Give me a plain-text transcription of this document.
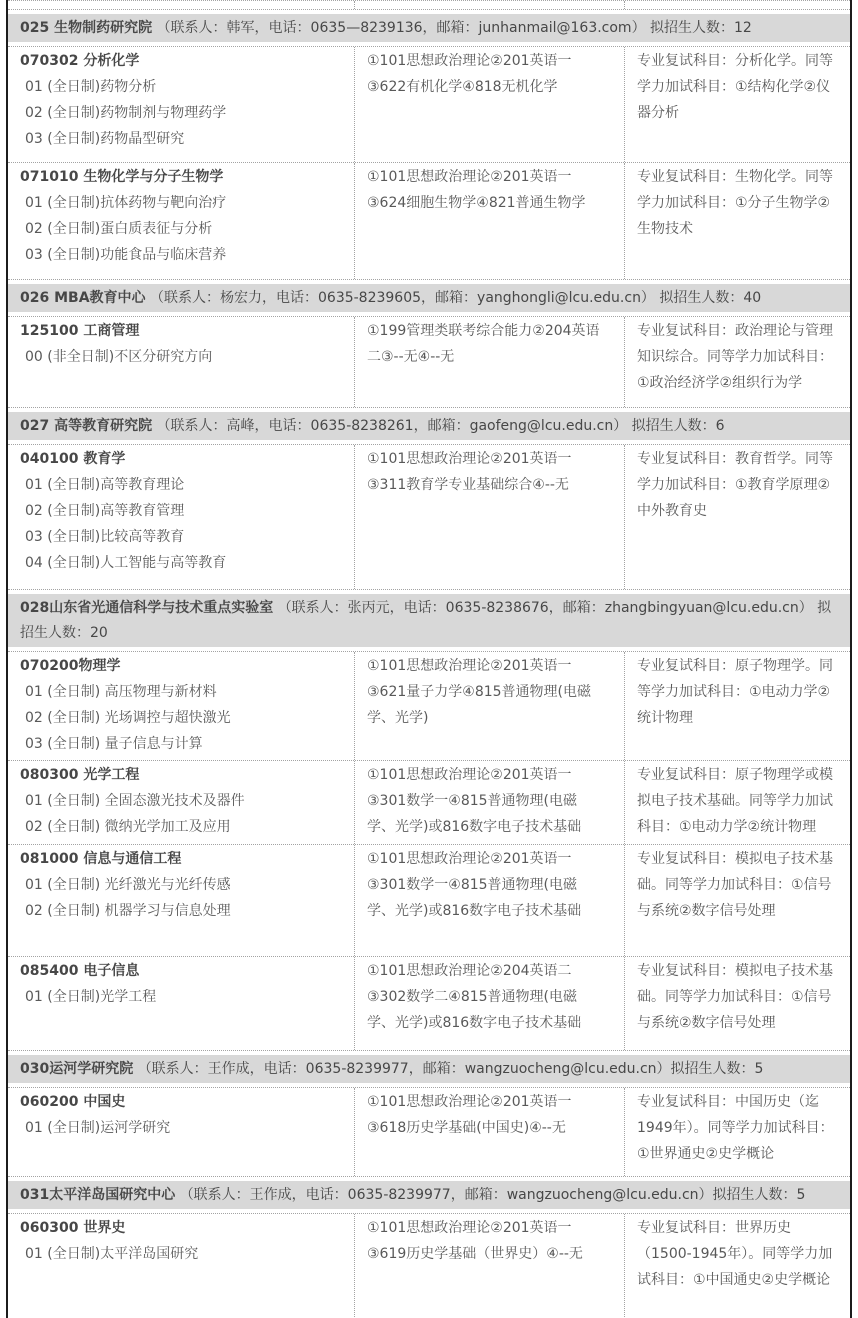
025 生物制药研究院 （联系人：韩军，电话：0635—8239136，邮箱：junhanmail@163.com） 拟招生人数：12
070302 分析化学
01 (全日制)药物分析
02 (全日制)药物制剂与物理药学
03 (全日制)药物晶型研究
①101思想政治理论②201英语一③622有机化学④818无机化学
专业复试科目：分析化学。同等学力加试科目：①结构化学②仪器分析
071010 生物化学与分子生物学
01 (全日制)抗体药物与靶向治疗
02 (全日制)蛋白质表征与分析
03 (全日制)功能食品与临床营养
①101思想政治理论②201英语一③624细胞生物学④821普通生物学
专业复试科目：生物化学。同等学力加试科目：①分子生物学②生物技术
026 MBA教育中心 （联系人：杨宏力，电话：0635-8239605，邮箱：yanghongli@lcu.edu.cn） 拟招生人数：40
125100 工商管理
00 (非全日制)不区分研究方向
①199管理类联考综合能力②204英语二③--无④--无
专业复试科目：政治理论与管理知识综合。同等学力加试科目：①政治经济学②组织行为学
027 高等教育研究院 （联系人：高峰，电话：0635-8238261，邮箱：gaofeng@lcu.edu.cn） 拟招生人数：6
040100 教育学
01 (全日制)高等教育理论
02 (全日制)高等教育管理
03 (全日制)比较高等教育
04 (全日制)人工智能与高等教育
①101思想政治理论②201英语一③311教育学专业基础综合④--无
专业复试科目：教育哲学。同等学力加试科目：①教育学原理②中外教育史
028山东省光通信科学与技术重点实验室 （联系人：张丙元，电话：0635-8238676，邮箱：zhangbingyuan@lcu.edu.cn） 拟招生人数：20
070200物理学
01 (全日制) 高压物理与新材料
02 (全日制) 光场调控与超快激光
03 (全日制) 量子信息与计算
①101思想政治理论②201英语一③621量子力学④815普通物理(电磁学、光学)
专业复试科目：原子物理学。同等学力加试科目：①电动力学②统计物理
080300 光学工程
01 (全日制) 全固态激光技术及器件
02 (全日制) 微纳光学加工及应用
①101思想政治理论②201英语一③301数学一④815普通物理(电磁学、光学)或816数字电子技术基础
专业复试科目：原子物理学或模拟电子技术基础。同等学力加试科目：①电动力学②统计物理
081000 信息与通信工程
01 (全日制) 光纤激光与光纤传感
02 (全日制) 机器学习与信息处理
①101思想政治理论②201英语一③301数学一④815普通物理(电磁学、光学)或816数字电子技术基础
专业复试科目：模拟电子技术基础。同等学力加试科目：①信号与系统②数字信号处理
085400 电子信息
01 (全日制)光学工程
①101思想政治理论②204英语二③302数学二④815普通物理(电磁学、光学)或816数字电子技术基础
专业复试科目：模拟电子技术基础。同等学力加试科目：①信号与系统②数字信号处理
030运河学研究院 （联系人：王作成，电话：0635-8239977，邮箱：wangzuocheng@lcu.edu.cn）拟招生人数：5
060200 中国史
01 (全日制)运河学研究
①101思想政治理论②201英语一③618历史学基础(中国史)④--无
专业复试科目：中国历史（迄1949年）。同等学力加试科目：①世界通史②史学概论
031太平洋岛国研究中心 （联系人：王作成，电话：0635-8239977，邮箱：wangzuocheng@lcu.edu.cn）拟招生人数：5
060300 世界史
01 (全日制)太平洋岛国研究
①101思想政治理论②201英语一③619历史学基础（世界史）④--无
专业复试科目：世界历史（1500-1945年）。同等学力加试科目：①中国通史②史学概论
